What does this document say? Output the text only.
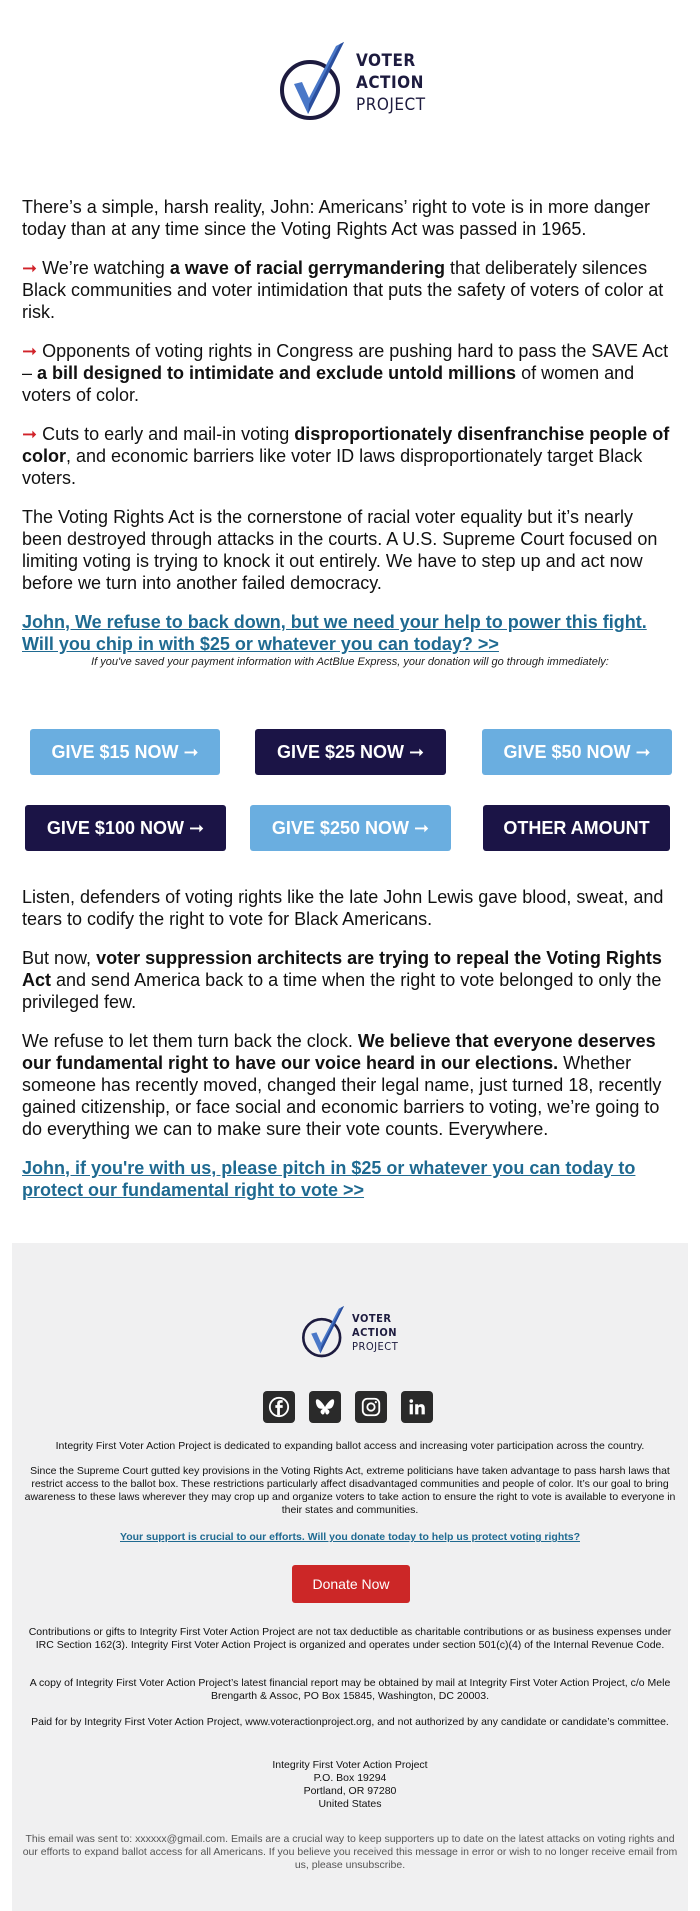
VOTER
ACTION
PROJECT

There’s a simple, harsh reality, John: Americans’ right to vote is in more danger today than at any time since the Voting Rights Act was passed in 1965.

➞ We’re watching a wave of racial gerrymandering that deliberately silences Black communities and voter intimidation that puts the safety of voters of color at risk.

➞ Opponents of voting rights in Congress are pushing hard to pass the SAVE Act – a bill designed to intimidate and exclude untold millions of women and voters of color.

➞ Cuts to early and mail-in voting disproportionately disenfranchise people of color, and economic barriers like voter ID laws disproportionately target Black voters.

The Voting Rights Act is the cornerstone of racial voter equality but it’s nearly been destroyed through attacks in the courts. A U.S. Supreme Court focused on limiting voting is trying to knock it out entirely. We have to step up and act now before we turn into another failed democracy.

John, We refuse to back down, but we need your help to power this fight. Will you chip in with $25 or whatever you can today? >>

If you've saved your payment information with ActBlue Express, your donation will go through immediately:

GIVE $15 NOW ➞	GIVE $25 NOW ➞	GIVE $50 NOW ➞
GIVE $100 NOW ➞	GIVE $250 NOW ➞	OTHER AMOUNT

Listen, defenders of voting rights like the late John Lewis gave blood, sweat, and tears to codify the right to vote for Black Americans.

But now, voter suppression architects are trying to repeal the Voting Rights Act and send America back to a time when the right to vote belonged to only the privileged few.

We refuse to let them turn back the clock. We believe that everyone deserves our fundamental right to have our voice heard in our elections. Whether someone has recently moved, changed their legal name, just turned 18, recently gained citizenship, or face social and economic barriers to voting, we’re going to do everything we can to make sure their vote counts. Everywhere.

John, if you're with us, please pitch in $25 or whatever you can today to protect our fundamental right to vote >>
VOTER
ACTION
PROJECT
Integrity First Voter Action Project is dedicated to expanding ballot access and increasing voter participation across the country.
Since the Supreme Court gutted key provisions in the Voting Rights Act, extreme politicians have taken advantage to pass harsh laws that restrict access to the ballot box. These restrictions particularly affect disadvantaged communities and people of color. It’s our goal to bring awareness to these laws wherever they may crop up and organize voters to take action to ensure the right to vote is available to everyone in their states and communities.
Your support is crucial to our efforts. Will you donate today to help us protect voting rights?
Donate Now
Contributions or gifts to Integrity First Voter Action Project are not tax deductible as charitable contributions or as business expenses under IRC Section 162(3). Integrity First Voter Action Project is organized and operates under section 501(c)(4) of the Internal Revenue Code.
A copy of Integrity First Voter Action Project’s latest financial report may be obtained by mail at Integrity First Voter Action Project, c/o Mele Brengarth & Assoc, PO Box 15845, Washington, DC 20003.
Paid for by Integrity First Voter Action Project, www.voteractionproject.org, and not authorized by any candidate or candidate’s committee.
Integrity First Voter Action Project
P.O. Box 19294
Portland, OR 97280
United States
This email was sent to: xxxxxx@gmail.com. Emails are a crucial way to keep supporters up to date on the latest attacks on voting rights and our efforts to expand ballot access for all Americans. If you believe you received this message in error or wish to no longer receive email from us, please unsubscribe.
